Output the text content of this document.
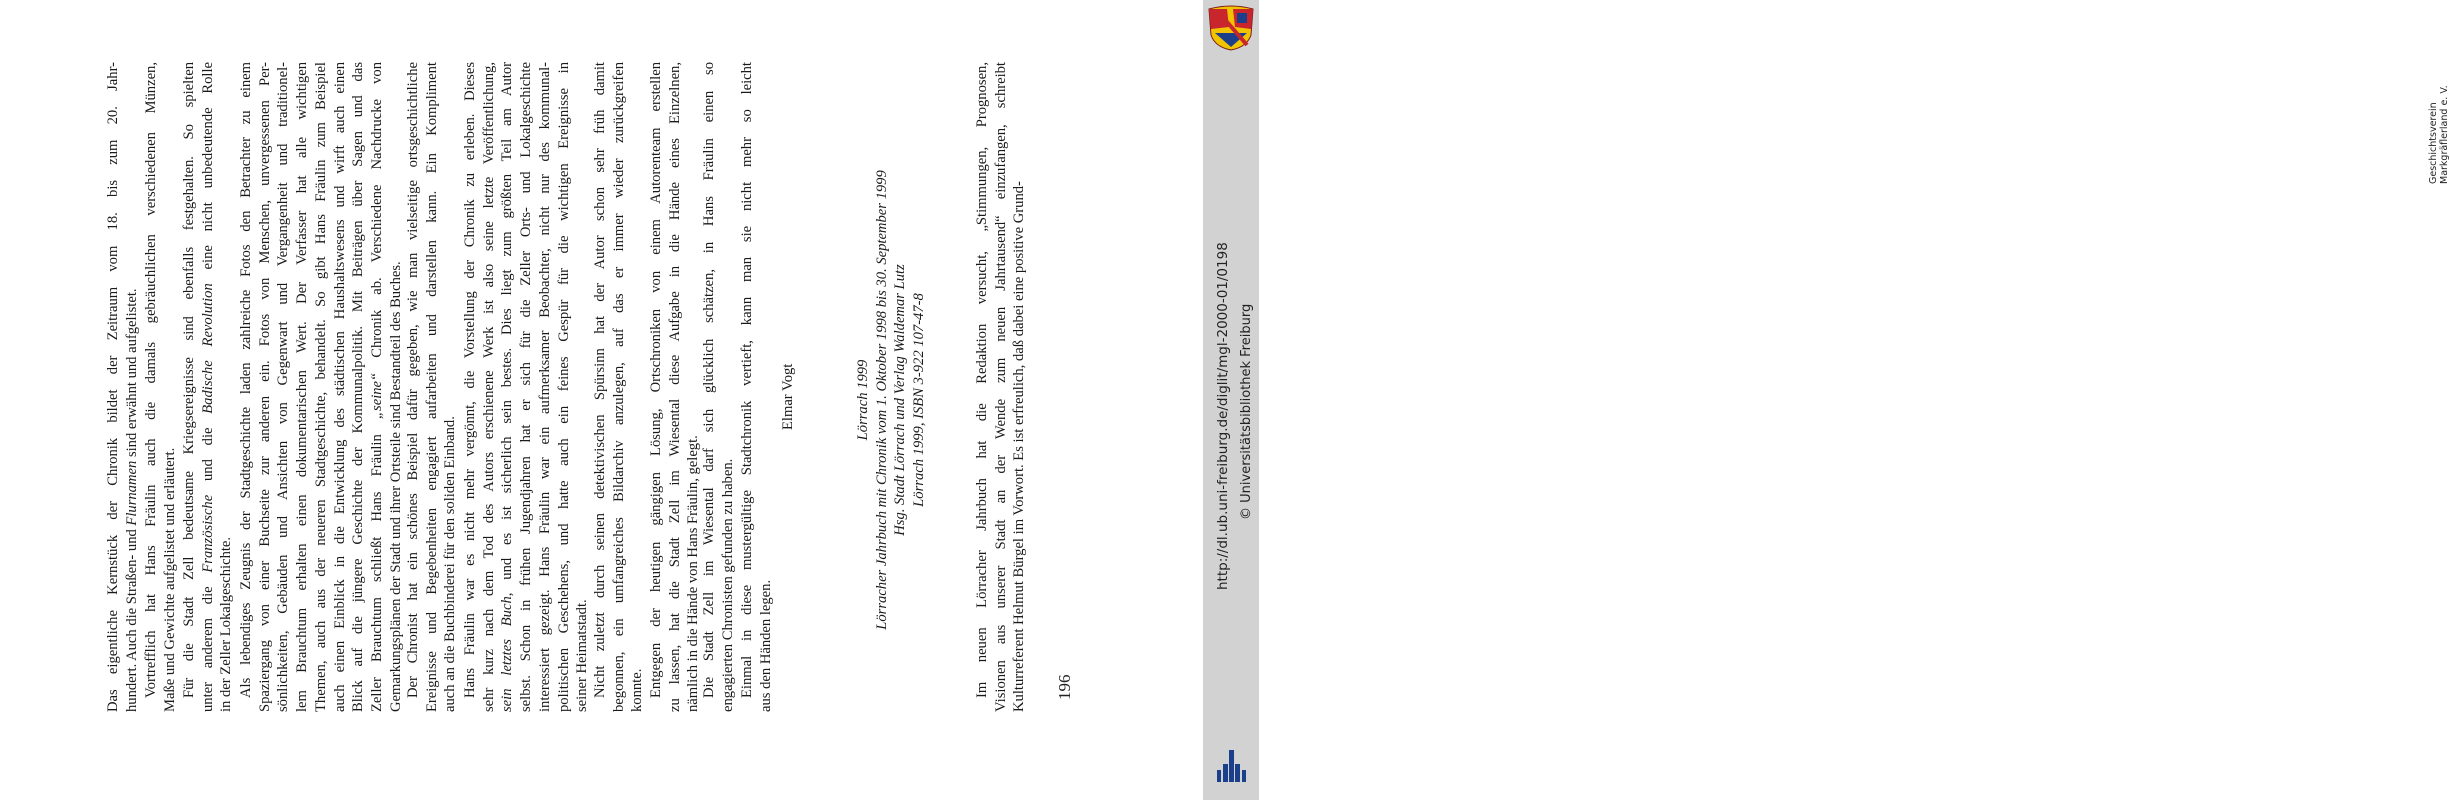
Das eigentliche Kernstück der Chronik bildet der Zeitraum vom 18. bis zum 20. Jahr- hundert. Auch die Straßen- und Flurnamen sind erwähnt und aufgelistet. Vortrefflich hat Hans Fräulin auch die damals gebräuchlichen verschiedenen Münzen, Maße und Gewichte aufgelistet und erläutert. Für die Stadt Zell bedeutsame Kriegsereignisse sind ebenfalls festgehalten. So spielten unter anderem die Französische und die Badische Revolution eine nicht unbedeutende Rolle
in der Zeller Lokalgeschichte. Als lebendiges Zeugnis der Stadtgeschichte laden zahlreiche Fotos den Betrachter zu einem Spaziergang von einer Buchseite zur anderen ein. Fotos von Menschen, unvergessenen Per- sönlichkeiten, Gebäuden und Ansichten von Gegenwart und Vergangenheit und traditionel- lem Brauchtum erhalten einen dokumentarischen Wert. Der Verfasser hat alle wichtigen Themen, auch aus der neueren Stadtgeschichte, behandelt. So gibt Hans Fräulin zum Beispiel auch einen Einblick in die Entwicklung des städtischen Haushaltswesens und wirft auch einen Blick auf die jüngere Geschichte der Kommunalpolitik. Mit Beiträgen über Sagen und das Zeller Brauchtum schließt Hans Fräulin „seine“ Chronik ab. Verschiedene Nachdrucke von
Gemarkungsplänen der Stadt und ihrer Ortsteile sind Bestandteil des Buches. Der Chronist hat ein schönes Beispiel dafür gegeben, wie man vielseitige ortsgeschichtliche Ereignisse und Begebenheiten engagiert aufarbeiten und darstellen kann. Ein Kompliment auch an die Buchbinderei für den soliden Einband. Hans Fräulin war es nicht mehr vergönnt, die Vorstellung der Chronik zu erleben. Dieses sehr kurz nach dem Tod des Autors erschienene Werk ist also seine letzte Veröffentlichung, sein letztes Buch, und es ist sicherlich sein bestes. Dies liegt zum größten Teil am Autor selbst. Schon in frühen Jugendjahren hat er sich für die Zeller Orts- und Lokalgeschichte interessiert gezeigt. Hans Fräulin war ein aufmerksamer Beobachter, nicht nur des kommunal- politischen Geschehens, und hatte auch ein feines Gespür für die wichtigen Ereignisse in seiner Heimatstadt. Nicht zuletzt durch seinen detektivischen Spürsinn hat der Autor schon sehr früh damit begonnen, ein umfangreiches Bildarchiv anzulegen, auf das er immer wieder zurückgreifen konnte. Entgegen der heutigen gängigen Lösung, Ortschroniken von einem Autorenteam erstellen zu lassen, hat die Stadt Zell im Wiesental diese Aufgabe in die Hände eines Einzelnen, nämlich in die Hände von Hans Fräulin, gelegt. Die Stadt Zell im Wiesental darf sich glücklich schätzen, in Hans Fräulin einen so engagierten Chronisten gefunden zu haben. Einmal in diese mustergültige Stadtchronik vertieft, kann man sie nicht mehr so leicht aus den Händen legen.
Elmar Vogt	Lörrach 1999 Lörracher Jahrbuch mit Chronik vom 1. Oktober 1998 bis 30. September 1999 Hsg. Stadt Lörrach und Verlag Waldemar Lutz Lörrach 1999, ISBN 3-922 107-47-8	Im neuen Lörracher Jahrbuch hat die Redaktion versucht, „Stimmungen, Prognosen, Visionen aus unserer Stadt an der Wende zum neuen Jahrtausend“ einzufangen, schreibt Kulturreferent Helmut Bürgel im Vorwort. Es ist erfreulich, daß dabei eine positive Grund- 196
Geschichtsverein Markgräflerland e. V.
http://dl.ub.uni-freiburg.de/diglit/mgl-2000-01/0198 © Universitätsbibliothek Freiburg
